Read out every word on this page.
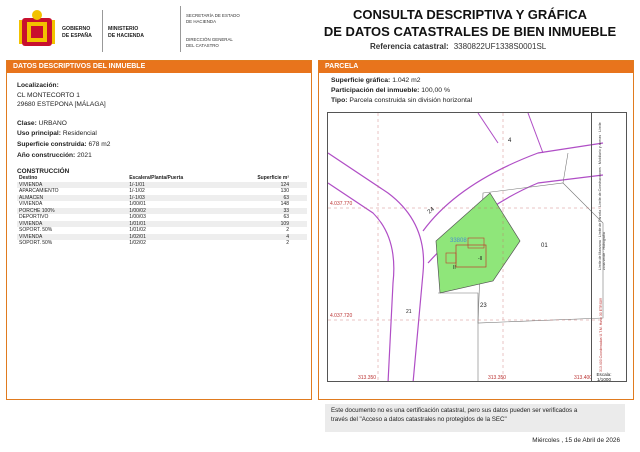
GOBIERNO
DE ESPAÑA
MINISTERIO
DE HACIENDA
SECRETARÍA DE ESTADO
DE HACIENDA
DIRECCIÓN GENERAL
DEL CATASTRO
CONSULTA DESCRIPTIVA Y GRÁFICA
DE DATOS CATASTRALES DE BIEN INMUEBLE
Referencia catastral: 3380822UF1338S0001SL
DATOS DESCRIPTIVOS DEL INMUEBLE
Localización:
CL MONTECORTO 1
29680 ESTEPONA [MÁLAGA]
Clase: URBANO
Uso principal: Residencial
Superficie construida: 678 m2
Año construcción: 2021
CONSTRUCCIÓN
Destino	Escalera/Planta/Puerta	Superficie m²
VIVIENDA	1/-1/01	124
APARCAMIENTO	1/-1/02	130
ALMACEN	1/-1/03	63
VIVIENDA	1/00/01	148
PORCHE 100%	1/00/02	33
DEPORTIVO	1/00/03	63
VIVIENDA	1/01/01	109
SOPORT. 50%	1/01/02	2
VIVIENDA	1/02/01	4
SOPORT. 50%	1/02/02	2
PARCELA
Superficie gráfica: 1.042 m2
Participación del inmueble: 100,00 %
Tipo: Parcela construida sin división horizontal
4.037.770
4.037.720
313.350	313.350	313.400
4
24
23
01
33808
-II
II
21
Límite de Manzana · Límite de Parcela · Límite de Construcciones · Mobiliario y aceras · Límite zona verde · Hidrografía
313.400 Coordenadas U.T.M. Huso 30 ETRS89
Escala:
1/1000
Este documento no es una certificación catastral, pero sus datos pueden ser verificados a
través del "Acceso a datos catastrales no protegidos de la SEC"
Miércoles , 15 de Abril de 2026
